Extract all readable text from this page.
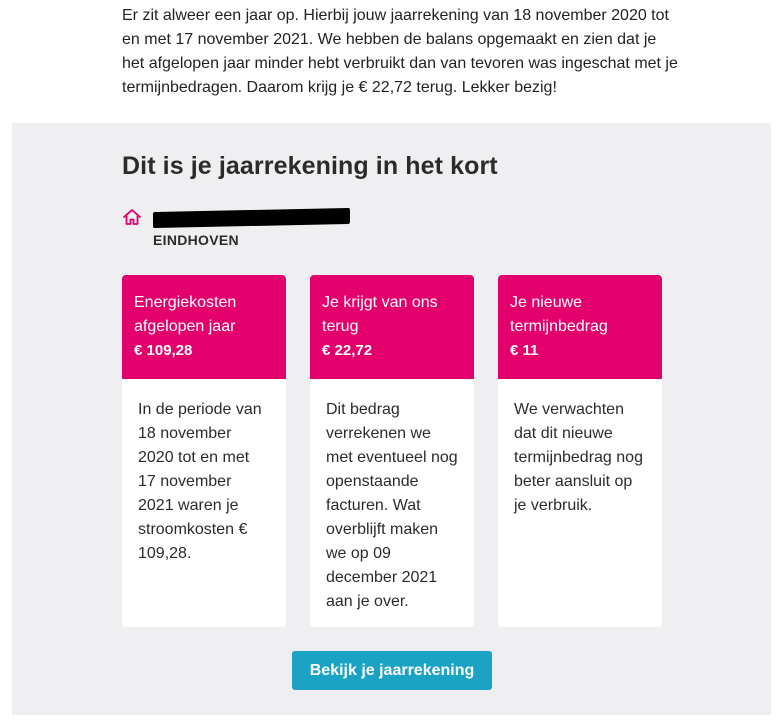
Er zit alweer een jaar op. Hierbij jouw jaarrekening van 18 november 2020 tot en met 17 november 2021. We hebben de balans opgemaakt en zien dat je het afgelopen jaar minder hebt verbruikt dan van tevoren was ingeschat met je termijnbedragen. Daarom krijg je € 22,72 terug. Lekker bezig!

Dit is je jaarrekening in het kort
EINDHOVEN
Energiekosten afgelopen jaar
€ 109,28
In de periode van 18 november 2020 tot en met 17 november 2021 waren je stroomkosten € 109,28.
Je krijgt van ons terug
€ 22,72
Dit bedrag verrekenen we met eventueel nog openstaande facturen. Wat overblijft maken we op 09 december 2021 aan je over.
Je nieuwe termijnbedrag
€ 11
We verwachten dat dit nieuwe termijnbedrag nog beter aansluit op je verbruik.
Bekijk je jaarrekening
